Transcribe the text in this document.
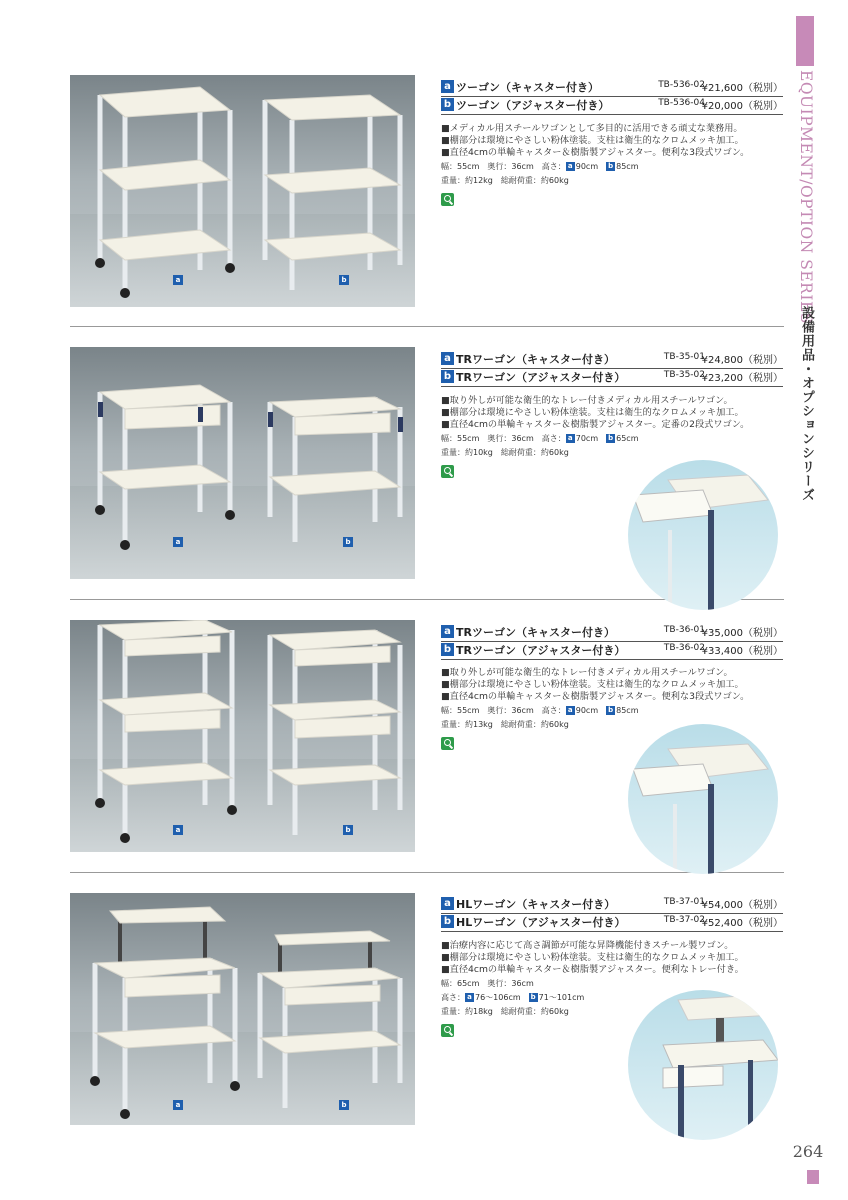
EQUIPMENT/OPTION SERIES
設備用品・オプションシリーズ
264
a	b
a ツーゴン（キャスター付き）	TB-536-02
¥21,600（税別）
b ツーゴン（アジャスター付き）	TB-536-04
¥20,000（税別）
■メディカル用スチールワゴンとして多目的に活用できる頑丈な業務用。
■棚部分は環境にやさしい粉体塗装。支柱は衛生的なクロムメッキ加工。
■直径4cmの単輪キャスター＆樹脂製アジャスター。便利な3段式ワゴン。
幅：55cm　奥行：36cm　高さ： a 90cm　 b 85cm
重量：約12kg　総耐荷重：約60kg
a	b
a TRワーゴン（キャスター付き）	TB-35-01
¥24,800（税別）
b TRワーゴン（アジャスター付き）	TB-35-02
¥23,200（税別）
■取り外しが可能な衛生的なトレー付きメディカル用スチールワゴン。
■棚部分は環境にやさしい粉体塗装。支柱は衛生的なクロムメッキ加工。
■直径4cmの単輪キャスター＆樹脂製アジャスター。定番の2段式ワゴン。
幅：55cm　奥行：36cm　高さ： a 70cm　 b 65cm
重量：約10kg　総耐荷重：約60kg
a	b
a TRツーゴン（キャスター付き）	TB-36-01
¥35,000（税別）
b TRツーゴン（アジャスター付き）	TB-36-02
¥33,400（税別）
■取り外しが可能な衛生的なトレー付きメディカル用スチールワゴン。
■棚部分は環境にやさしい粉体塗装。支柱は衛生的なクロムメッキ加工。
■直径4cmの単輪キャスター＆樹脂製アジャスター。便利な3段式ワゴン。
幅：55cm　奥行：36cm　高さ： a 90cm　 b 85cm
重量：約13kg　総耐荷重：約60kg
a	b
a HLワーゴン（キャスター付き）	TB-37-01
¥54,000（税別）
b HLワーゴン（アジャスター付き）	TB-37-02
¥52,400（税別）
■治療内容に応じて高さ調節が可能な昇降機能付きスチール製ワゴン。
■棚部分は環境にやさしい粉体塗装。支柱は衛生的なクロムメッキ加工。
■直径4cmの単輪キャスター＆樹脂製アジャスター。便利なトレー付き。
幅：65cm　奥行：36cm
高さ： a 76〜106cm　 b 71〜101cm
重量：約18kg　総耐荷重：約60kg
